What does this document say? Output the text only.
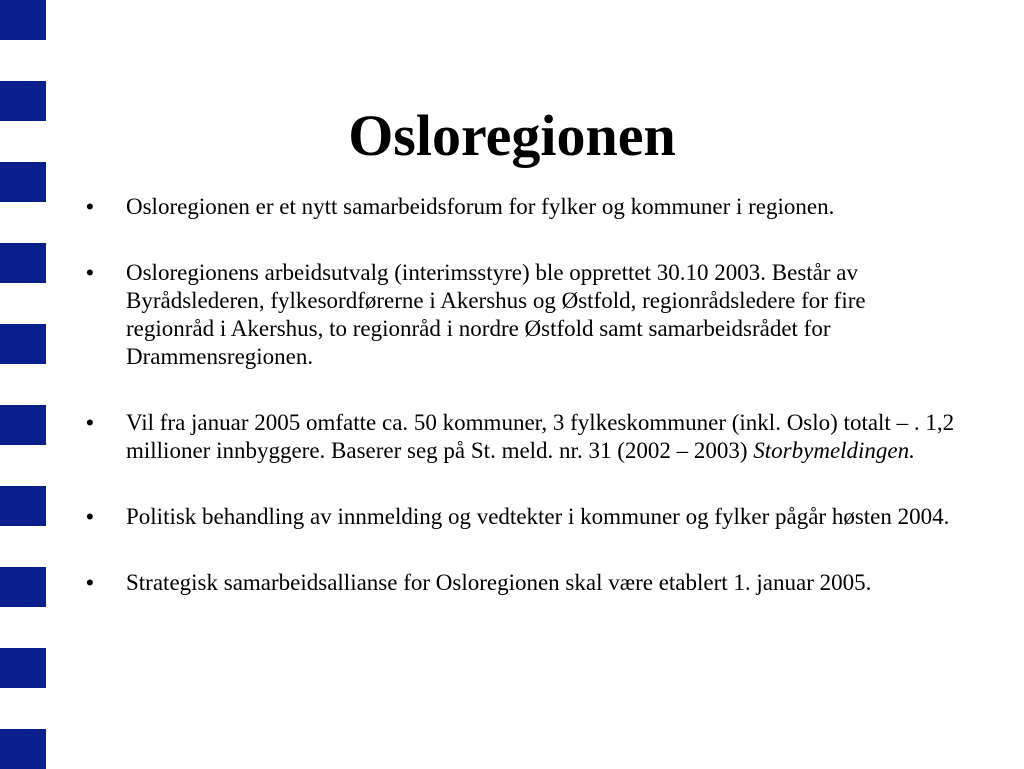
Osloregionen
• Osloregionen er et nytt samarbeidsforum for fylker og kommuner i regionen.
• Osloregionens arbeidsutvalg (interimsstyre) ble opprettet 30.10 2003. Består av Byrådslederen, fylkesordførerne i Akershus og Østfold, regionrådsledere for fire regionråd i Akershus, to regionråd i nordre Østfold samt samarbeidsrådet for Drammensregionen.
• Vil fra januar 2005 omfatte ca. 50 kommuner, 3 fylkeskommuner (inkl. Oslo) totalt – . 1,2 millioner innbyggere. Baserer seg på St. meld. nr. 31 (2002 – 2003) Storbymeldingen.
• Politisk behandling av innmelding og vedtekter i kommuner og fylker pågår høsten 2004.
• Strategisk samarbeidsallianse for Osloregionen skal være etablert 1. januar 2005.
